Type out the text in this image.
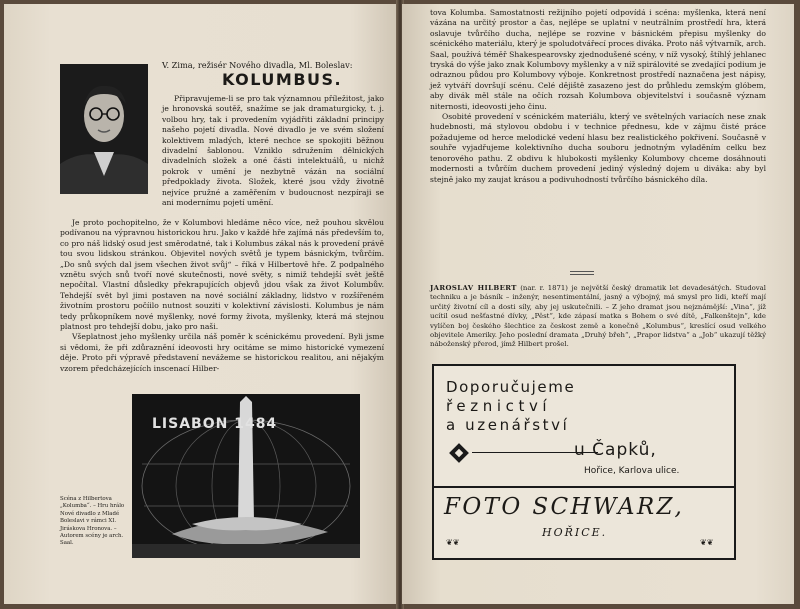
V. Zima, režisér Nového divadla, Ml. Boleslav:
KOLUMBUS.

Připravujeme-li se pro tak významnou příležitost, jako je hronovská soutěž, snažíme se jak dramaturgicky, t. j. volbou hry, tak i provedením vyjádřiti základní principy našeho pojetí divadla. Nové divadlo je ve svém složení kolektivem mladých, které nechce se spokojiti běžnou divadelní šablonou. Vzniklo sdružením dělnických divadelních složek a oné části intelektuálů, u nichž pokrok v umění je nezbytně vázán na sociální předpoklady života. Složek, které jsou vždy životně nejvíce pružné a zaměřením v budoucnost nezpíraji se ani modernímu pojetí umění.

Je proto pochopitelno, že v Kolumbovi hledáme něco více, než pouhou skvělou podívanou na výpravnou historickou hru. Jako v každé hře zajímá nás především to, co pro náš lidský osud jest směrodatné, tak i Kolumbus zákal nás k provedení právě tou svou lidskou stránkou. Objevitel nových světů je typem básnickým, tvůrčím. „Do snů svých dal jsem všechen život svůj“ – říká v Hilbertově hře. Z podpalného vznětu svých snů tvoří nové skutečnosti, nové světy, s nimiž tehdejší svět ještě nepočítal. Vlastní důsledky překrapujících objevů jdou však za život Kolumbův. Tehdejší svět byl jimi postaven na nové sociální základny, lidstvo v rozšířeném životním prostoru počíilo nutnost souziti v kolektivní závislosti. Kolumbus je nám tedy průkopníkem nové myšlenky, nové formy života, myšlenky, která má stejnou platnost pro tehdejší dobu, jako pro naši.

Všeplatnost jeho myšlenky určila náš poměr k scénickému provedení. Byli jsme si vědomi, že při zdůraznění ideovosti hry ocitáme se mimo historické vymezení děje. Proto při výpravě představení nevážeme se historickou realitou, ani nějakým vzorem předcházejících inscenací Hilber-

LISABON 1484
Scéna z Hilbertova „Kolumba“. – Hru hrálo Nové divadlo z Mladé Boleslavi v rámci XI. Jiráskova Hronova. – Autorem scény je arch. Saal.

tova Kolumba. Samostatnosti režijního pojetí odpovídá i scéna: myšlenka, která není vázána na určitý prostor a čas, nejlépe se uplatní v neutrálním prostředí hra, která oslavuje tvůrčího ducha, nejlépe se rozvine v básnickém přepisu myšlenky do scénického materiálu, který je spoludotvářecí proces diváka. Proto náš výtvarník, arch. Saal, používá téměř Shakespearovsky zjednodušené scény, v níž vysoký, štíhlý jehlanec tryská do výše jako znak Kolumbovy myšlenky a v níž spirálovité se zvedající podium je odraznou půdou pro Kolumbovy výboje. Konkretnost prostředí naznačena jest nápisy, jež vytváří dovršují scénu. Celé dějiště zasazeno jest do průhledu zemským glóbem, aby divák měl stále na očích rozsah Kolumbova objevitelství i současně význam niternosti, ideovosti jeho činu.

Osobité provedení v scénickém materiálu, který ve světelných variacích nese znak hudebnosti, má stylovou obdobu i v technice přednesu, kde v zájmu čisté práce požadujeme od herce melodické vedení hlasu bez realistického pokřivení. Současně v souhře vyjadřujeme kolektivního ducha souboru jednotným vyladěním celku bez tenorového pathu. Z obdivu k hlubokosti myšlenky Kolumbovy chceme dosáhnouti modernosti a tvůrčím duchem provedení jediný výsledný dojem u diváka: aby byl stejně jako my zaujat krásou a podivuhodností tvůrčího básnického díla.

JAROSLAV HILBERT (nar. r. 1871) je největší český dramatik let devadesátých. Studoval techniku a je básník – inženýr, nesentimentální, jasný a výbojný, má smysl pro lidi, kteří mají určitý životní cíl a dosti síly, aby jej uskutečnili. – Z jeho dramat jsou nejznámější: „Vina“, jíž ucítil osud nešťastné dívky, „Pěst“, kde zápasí matka s Bohem o své dítě, „Falkenštejn“, kde vylíčen boj českého šlechtice za českost země a konečně „Kolumbus“, kreslící osud velkého objevitele Ameriky. Jeho poslední dramata „Druhý břeh“, „Prapor lidstva“ a „Job“ ukazují těžký náboženský přerod, jímž Hilbert prošel.
Doporučujeme
řeznictví
a uzenářství
u Čapků,
Hořice, Karlova ulice.
FOTO SCHWARZ,
HOŘICE.
❦❦	❦❦
